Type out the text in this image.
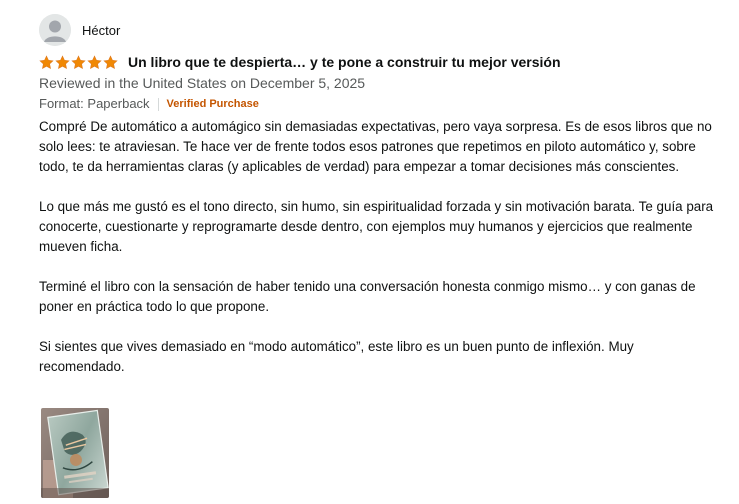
Héctor
Un libro que te despierta… y te pone a construir tu mejor versión
Reviewed in the United States on December 5, 2025
Format: Paperback Verified Purchase

Compré De automático a automágico sin demasiadas expectativas, pero vaya sorpresa. Es de esos libros que no solo lees: te atraviesan. Te hace ver de frente todos esos patrones que repetimos en piloto automático y, sobre todo, te da herramientas claras (y aplicables de verdad) para empezar a tomar decisiones más conscientes.

Lo que más me gustó es el tono directo, sin humo, sin espiritualidad forzada y sin motivación barata. Te guía para conocerte, cuestionarte y reprogramarte desde dentro, con ejemplos muy humanos y ejercicios que realmente mueven ficha.

Terminé el libro con la sensación de haber tenido una conversación honesta conmigo mismo… y con ganas de poner en práctica todo lo que propone.

Si sientes que vives demasiado en “modo automático”, este libro es un buen punto de inflexión. Muy recomendado.
